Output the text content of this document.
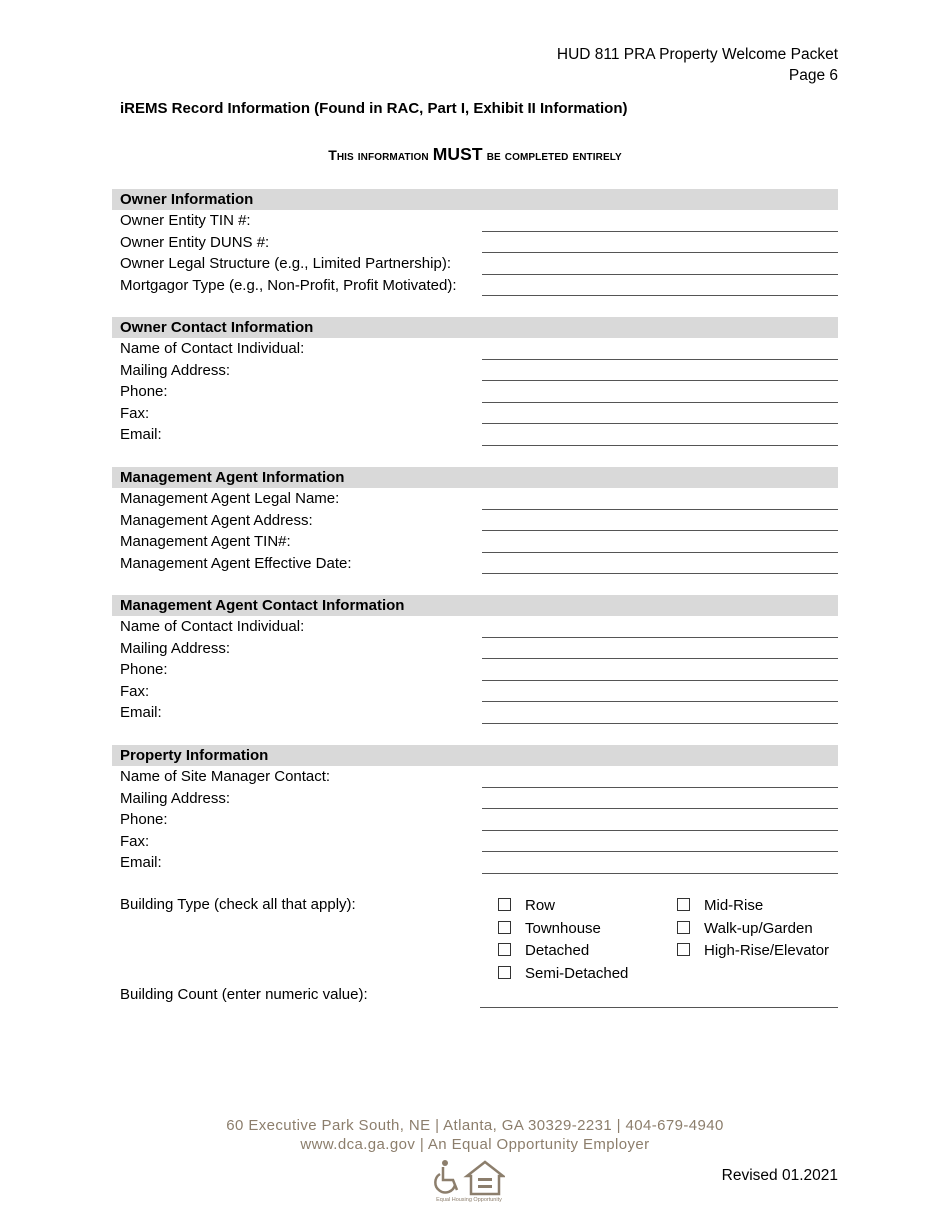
HUD 811 PRA Property Welcome Packet
Page 6
iREMS Record Information (Found in RAC, Part I, Exhibit II Information)
This information MUST be completed entirely
Owner Information
Owner Entity TIN #:
Owner Entity DUNS #:
Owner Legal Structure (e.g., Limited Partnership):
Mortgagor Type (e.g., Non-Profit, Profit Motivated):
Owner Contact Information
Name of Contact Individual:
Mailing Address:
Phone:
Fax:
Email:
Management Agent Information
Management Agent Legal Name:
Management Agent Address:
Management Agent TIN#:
Management Agent Effective Date:
Management Agent Contact Information
Name of Contact Individual:
Mailing Address:
Phone:
Fax:
Email:
Property Information
Name of Site Manager Contact:
Mailing Address:
Phone:
Fax:
Email:
Building Type (check all that apply):	Row
Townhouse
Detached
Semi-Detached
Mid-Rise
Walk-up/Garden
High-Rise/Elevator
Building Count (enter numeric value):
60 Executive Park South, NE | Atlanta, GA 30329-2231 | 404-679-4940
www.dca.ga.gov | An Equal Opportunity Employer
Equal Housing Opportunity
Revised 01.2021
